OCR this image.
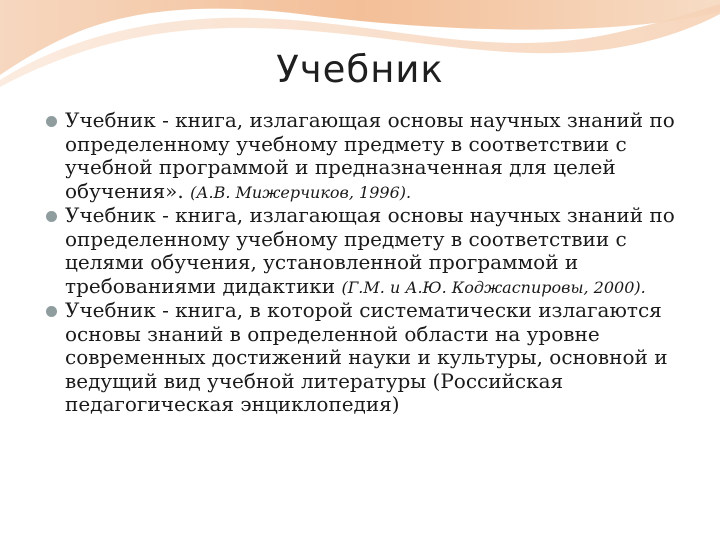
Учебник
Учебник - книга, излагающая основы научных знаний по определенному учебному предмету в соответствии с учебной программой и предназначенная для целей обучения». (А.В. Мижерчиков, 1996).
Учебник - книга, излагающая основы научных знаний по определенному учебному предмету в соответствии с целями обучения, установленной программой и требованиями дидактики (Г.М. и А.Ю. Коджаспировы, 2000).
Учебник - книга, в которой систематически излагаются основы знаний в определенной области на уровне современных достижений науки и культуры, основной и ведущий вид учебной литературы (Российская педагогическая энциклопедия)
